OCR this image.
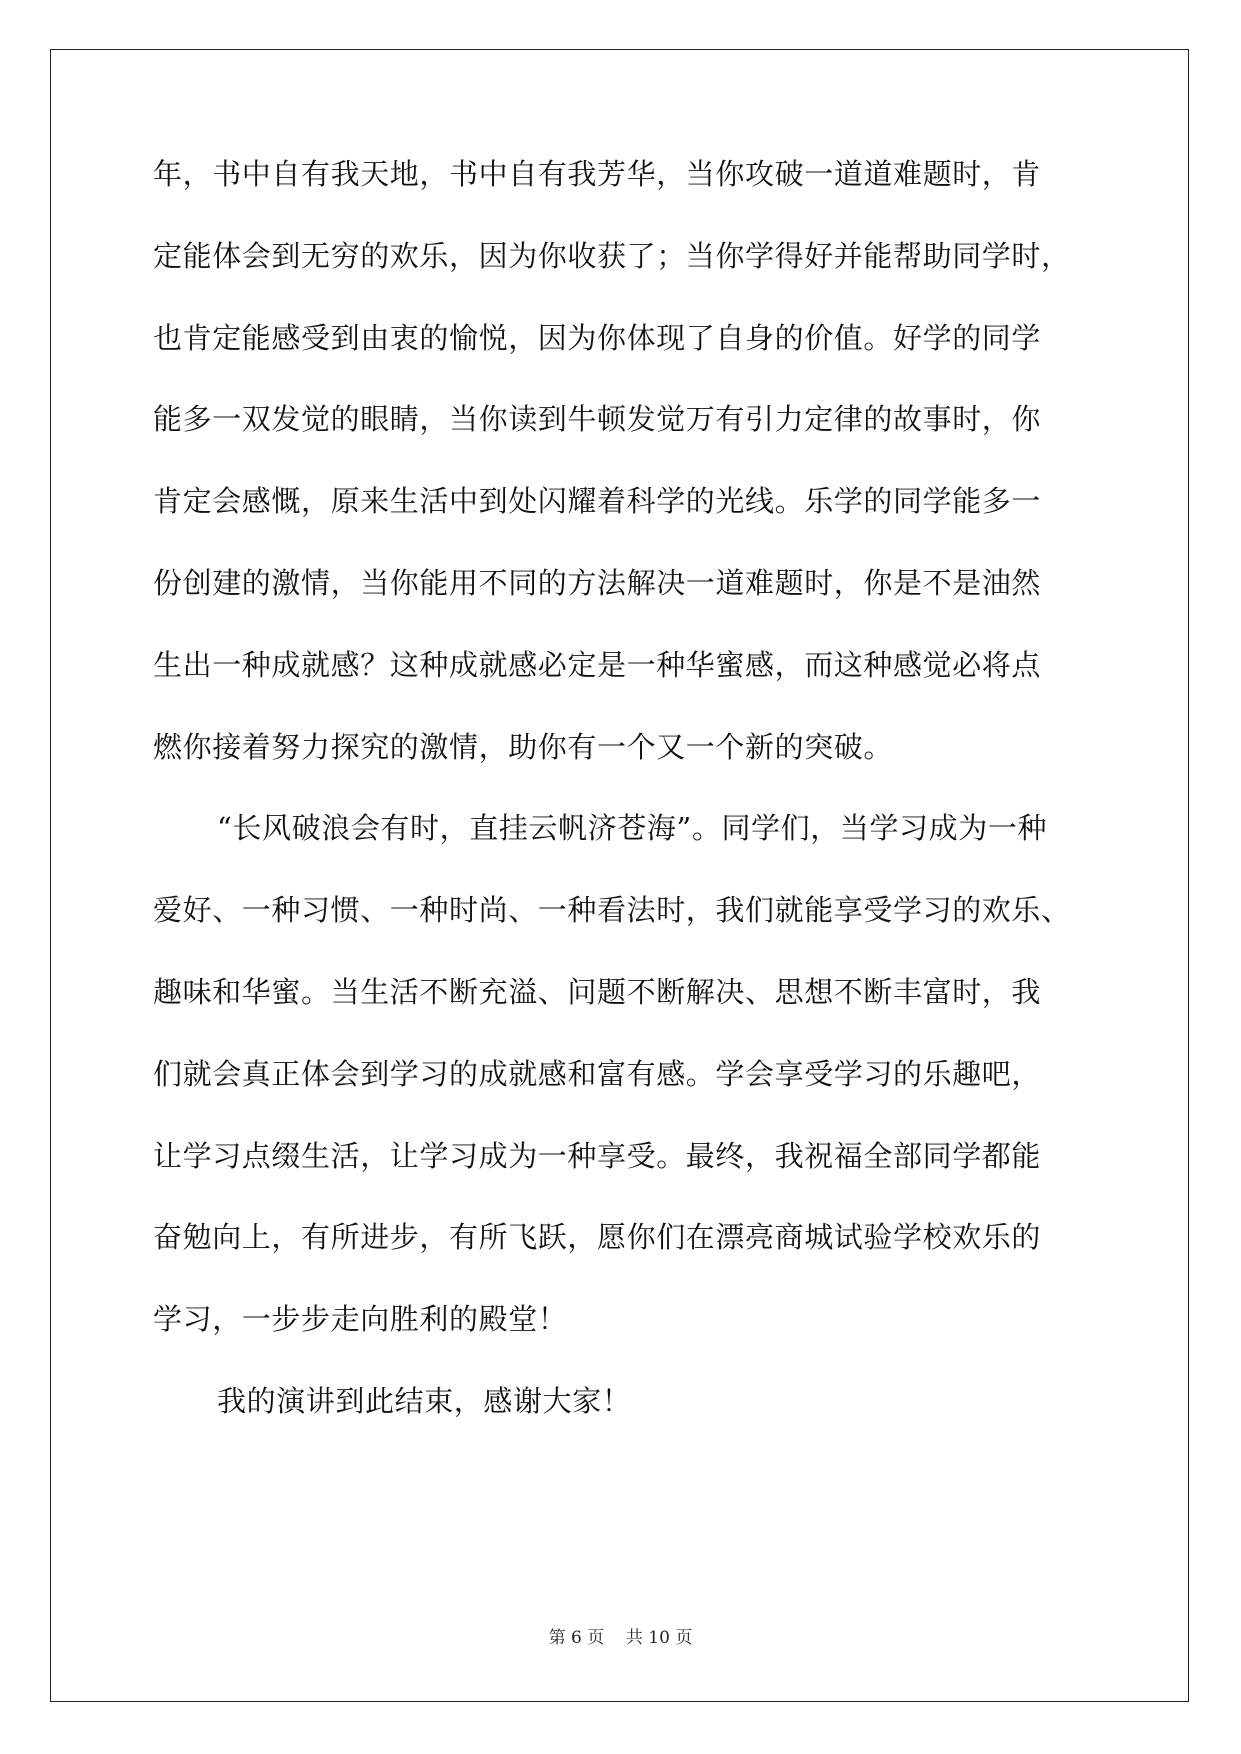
年，书中自有我天地，书中自有我芳华，当你攻破一道道难题时，肯
定能体会到无穷的欢乐，因为你收获了；当你学得好并能帮助同学时，
也肯定能感受到由衷的愉悦，因为你体现了自身的价值。好学的同学
能多一双发觉的眼睛，当你读到牛顿发觉万有引力定律的故事时，你
肯定会感慨，原来生活中到处闪耀着科学的光线。乐学的同学能多一
份创建的激情，当你能用不同的方法解决一道难题时，你是不是油然
生出一种成就感？这种成就感必定是一种华蜜感，而这种感觉必将点
燃你接着努力探究的激情，助你有一个又一个新的突破。
“长风破浪会有时，直挂云帆济苍海”。同学们，当学习成为一种
爱好、一种习惯、一种时尚、一种看法时，我们就能享受学习的欢乐、
趣味和华蜜。当生活不断充溢、问题不断解决、思想不断丰富时，我
们就会真正体会到学习的成就感和富有感。学会享受学习的乐趣吧，
让学习点缀生活，让学习成为一种享受。最终，我祝福全部同学都能
奋勉向上，有所进步，有所飞跃，愿你们在漂亮商城试验学校欢乐的
学习，一步步走向胜利的殿堂！
我的演讲到此结束，感谢大家！
第 6 页    共 10 页
